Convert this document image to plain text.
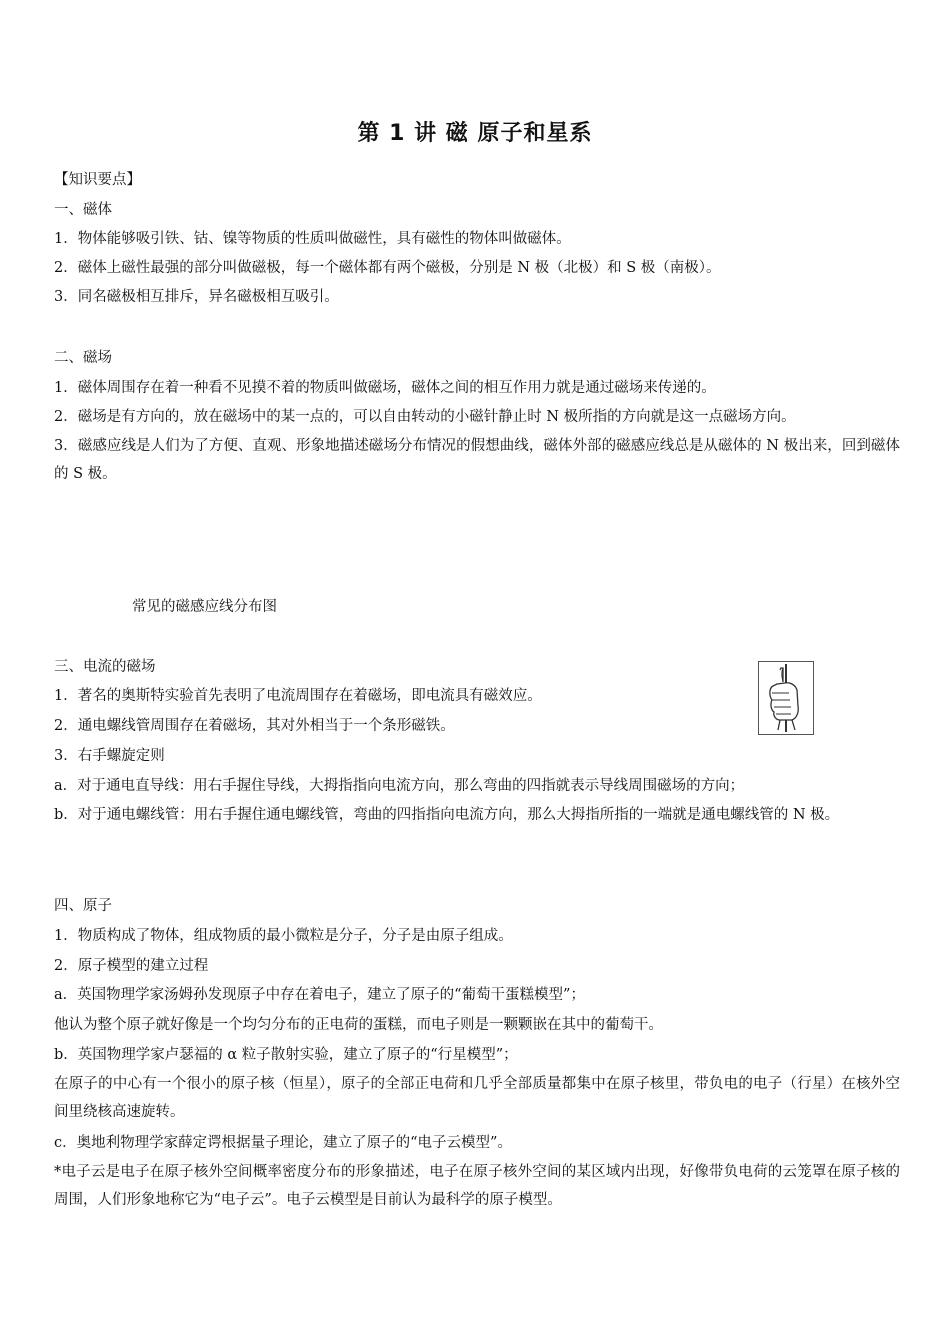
第 1 讲 磁 原子和星系
【知识要点】
一、磁体
1．物体能够吸引铁、钴、镍等物质的性质叫做磁性，具有磁性的物体叫做磁体。
2．磁体上磁性最强的部分叫做磁极，每一个磁体都有两个磁极，分别是 N 极（北极）和 S 极（南极）。
3．同名磁极相互排斥，异名磁极相互吸引。
二、磁场
1．磁体周围存在着一种看不见摸不着的物质叫做磁场，磁体之间的相互作用力就是通过磁场来传递的。
2．磁场是有方向的，放在磁场中的某一点的，可以自由转动的小磁针静止时 N 极所指的方向就是这一点磁场方向。
3．磁感应线是人们为了方便、直观、形象地描述磁场分布情况的假想曲线，磁体外部的磁感应线总是从磁体的 N 极出来，回到磁体的 S 极。
常见的磁感应线分布图
三、电流的磁场
1．著名的奥斯特实验首先表明了电流周围存在着磁场，即电流具有磁效应。
2．通电螺线管周围存在着磁场，其对外相当于一个条形磁铁。
3．右手螺旋定则
a．对于通电直导线：用右手握住导线，大拇指指向电流方向，那么弯曲的四指就表示导线周围磁场的方向；
b．对于通电螺线管：用右手握住通电螺线管，弯曲的四指指向电流方向，那么大拇指所指的一端就是通电螺线管的 N 极。
四、原子
1．物质构成了物体，组成物质的最小微粒是分子，分子是由原子组成。
2．原子模型的建立过程
a．英国物理学家汤姆孙发现原子中存在着电子，建立了原子的“葡萄干蛋糕模型”；
他认为整个原子就好像是一个均匀分布的正电荷的蛋糕，而电子则是一颗颗嵌在其中的葡萄干。
b．英国物理学家卢瑟福的 α 粒子散射实验，建立了原子的“行星模型”；
在原子的中心有一个很小的原子核（恒星），原子的全部正电荷和几乎全部质量都集中在原子核里，带负电的电子（行星）在核外空间里绕核高速旋转。
c．奥地利物理学家薛定谔根据量子理论，建立了原子的“电子云模型”。
*电子云是电子在原子核外空间概率密度分布的形象描述，电子在原子核外空间的某区域内出现，好像带负电荷的云笼罩在原子核的周围，人们形象地称它为“电子云”。电子云模型是目前认为最科学的原子模型。
